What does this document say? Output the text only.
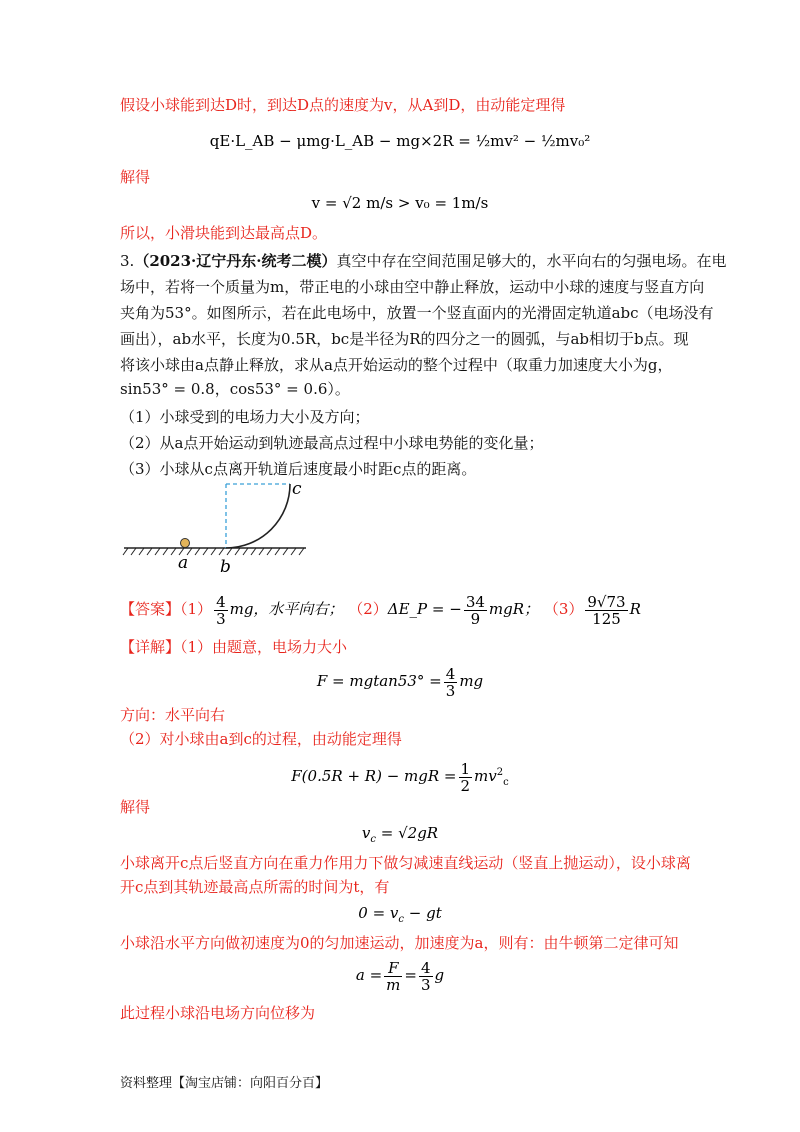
假设小球能到达D时，到达D点的速度为v，从A到D，由动能定理得
qE·L_AB − μmg·L_AB − mg×2R = ½mv² − ½mv₀²
解得
v = √2 m/s > v₀ = 1m/s
所以，小滑块能到达最高点D。
3.（2023·辽宁丹东·统考二模）真空中存在空间范围足够大的，水平向右的匀强电场。在电
场中，若将一个质量为m，带正电的小球由空中静止释放，运动中小球的速度与竖直方向
夹角为53°。如图所示，若在此电场中，放置一个竖直面内的光滑固定轨道abc（电场没有
画出），ab水平，长度为0.5R，bc是半径为R的四分之一的圆弧，与ab相切于b点。现
将该小球由a点静止释放，求从a点开始运动的整个过程中（取重力加速度大小为g，
sin53° = 0.8，cos53° = 0.6）。
（1）小球受到的电场力大小及方向；
（2）从a点开始运动到轨迹最高点过程中小球电势能的变化量；
（3）小球从c点离开轨道后速度最小时距c点的距离。
a b
c
【答案】$(1) \frac{4}{3}$ mg，水平向右； （2）ΔE_P = − $\frac{34}{9}$ mgR； $(3) \frac{9√73}{125}$ R
【详解】（1）由题意，电场力大小
$F = mgtan53^\circ = \frac{4}{3}$ mg
方向：水平向右
（2）对小球由a到c的过程，由动能定理得
F(0.5R + R) − mgR = $\frac{1}{2} mv^2_c$
解得
$v_c = √2gR$
小球离开c点后竖直方向在重力作用力下做匀减速直线运动（竖直上抛运动），设小球离
开c点到其轨迹最高点所需的时间为t，有
$0 = v_c$ − gt
小球沿水平方向做初速度为0的匀加速运动，加速度为a，则有：由牛顿第二定律可知
$a = \frac{F}{m} = \frac{4}{3}$ g
此过程小球沿电场方向位移为
资料整理【淘宝店铺：向阳百分百】
